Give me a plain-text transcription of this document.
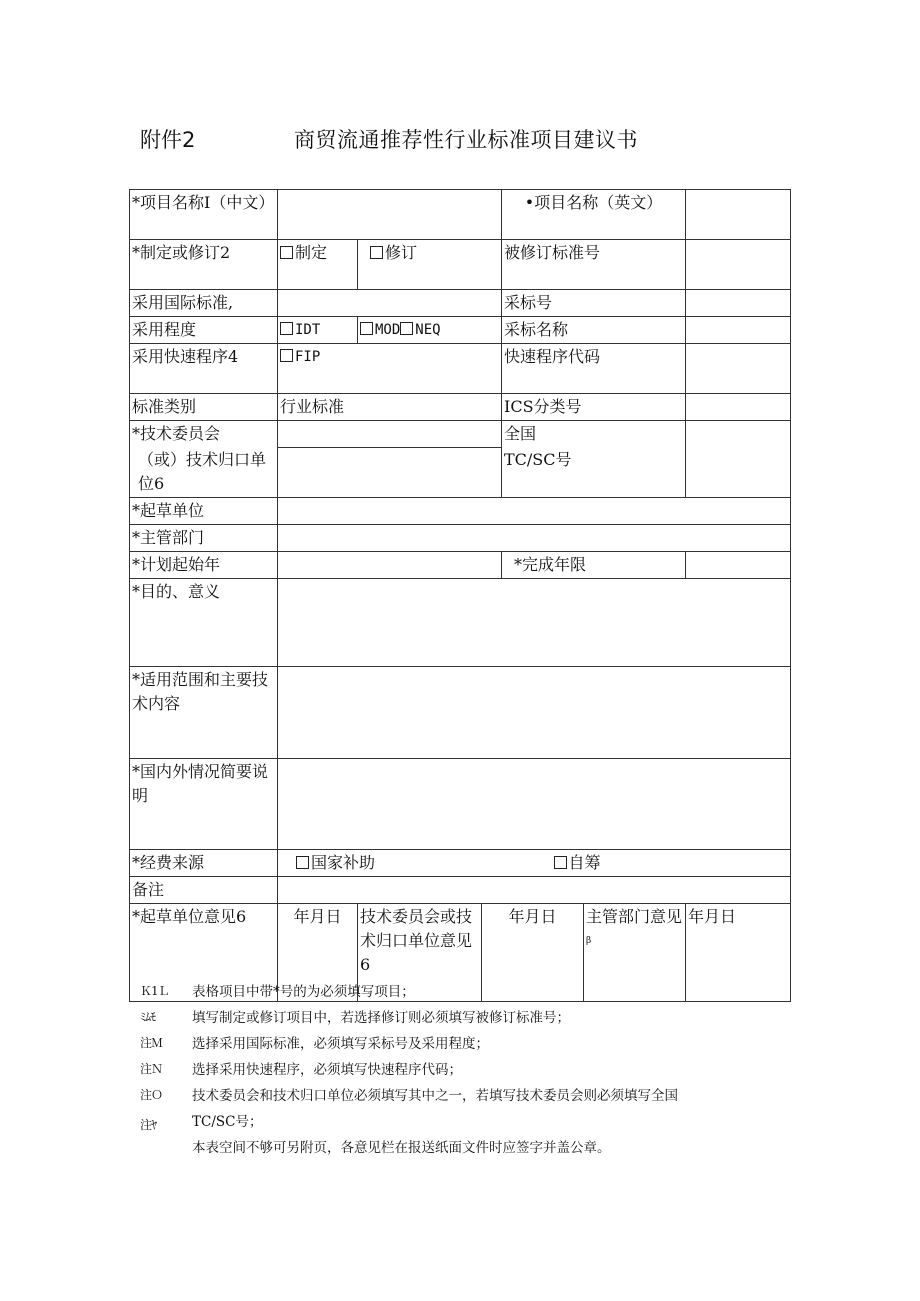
附件2	商贸流通推荐性行业标准项目建议书
*项目名称I（中文）				•项目名称（英文）		
*制定或修订2	制定	修订		被修订标准号		
采用国际标准,				采标号		
采用程度	IDT	MOD NEQ		采标名称		
采用快速程序4	FIP			快速程序代码		
标准类别	行业标准			ICS分类号		
*技术委员会				全国		
（或）技术归口单位6				TC/SC号		
*起草单位						
*主管部门						
*计划起始年				*完成年限		
*目的、意义						
*适用范围和主要技术内容						
*国内外情况简要说明						
*经费来源	国家补助			自筹		
备注						
*起草单位意见6	年月日	技术委员会或技术归口单位意见6	年月日		主管部门意见$^\beta$	年月日
Ｋ1Ｌ
ﾐﾑﾓ
注Ｍ
注Ｎ
注Ｏ
注ﾔ
表格项目中带*号的为必须填写项目；
填写制定或修订项目中，若选择修订则必须填写被修订标准号；
选择采用国际标准，必须填写采标号及采用程度；
选择采用快速程序，必须填写快速程序代码；
技术委员会和技术归口单位必须填写其中之一，若填写技术委员会则必须填写全国
TC/SC号；
本表空间不够可另附页，各意见栏在报送纸面文件时应签字并盖公章。
